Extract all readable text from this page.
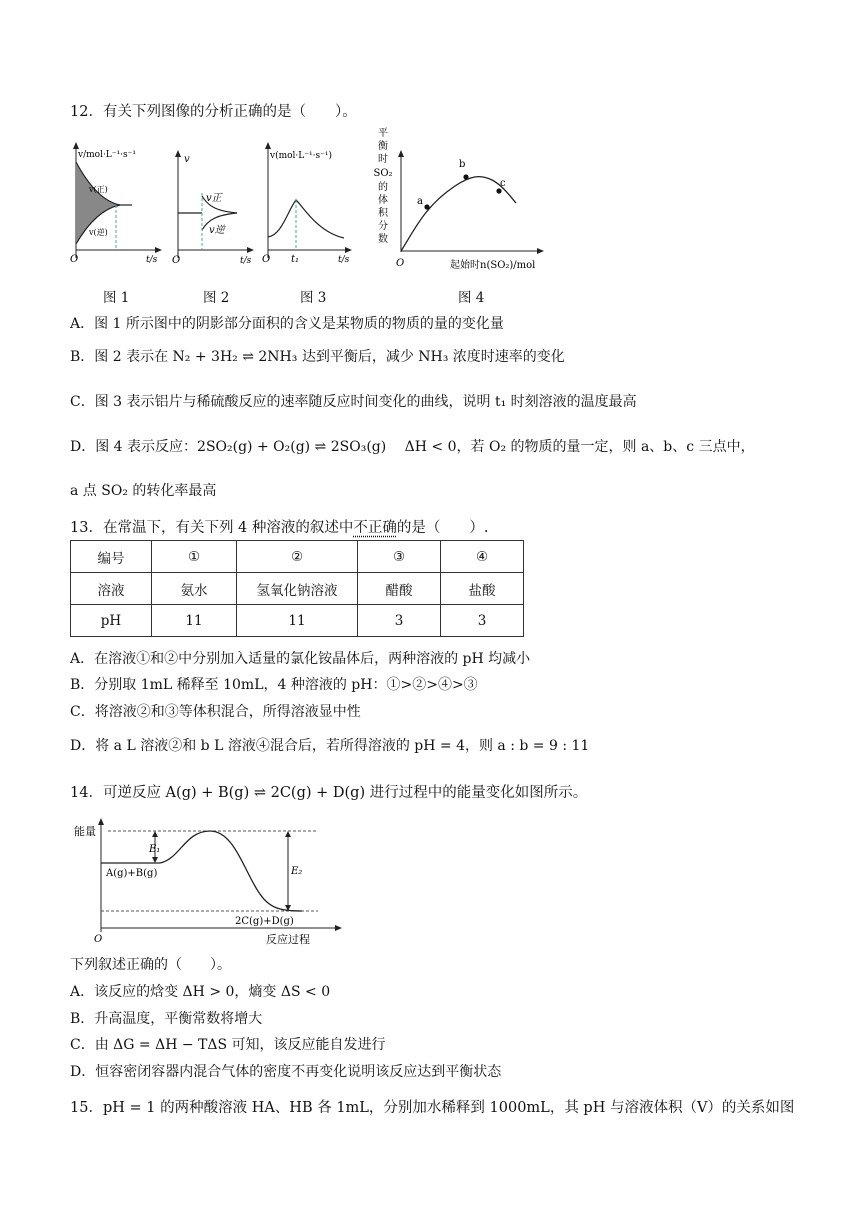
12．有关下列图像的分析正确的是（　　）。
v/mol·L⁻¹·s⁻¹
v(正)
v(逆)
O	t/s
v
v正
v逆
O	t/s
v(mol·L⁻¹·s⁻¹)
O t₁	t/s
平
衡
时
SO₂
的
体
积
分
数
a
b
c
O	起始时n(SO₂)/mol
图 1	图 2	图 3	图 4
A．图 1 所示图中的阴影部分面积的含义是某物质的物质的量的变化量
B．图 2 表示在 N₂ + 3H₂ ⇌ 2NH₃ 达到平衡后，减少 NH₃ 浓度时速率的变化
C．图 3 表示铝片与稀硫酸反应的速率随反应时间变化的曲线，说明 t₁ 时刻溶液的温度最高
D．图 4 表示反应：2SO₂(g) + O₂(g) ⇌ 2SO₃(g)　 ΔH < 0，若 O₂ 的物质的量一定，则 a、b、c 三点中，
a 点 SO₂ 的转化率最高
13．在常温下，有关下列 4 种溶液的叙述中不正确的是（　　）.
编号	①	②	③	④
溶液	氨水	氢氧化钠溶液	醋酸	盐酸
pH	11	11	3	3
A．在溶液①和②中分别加入适量的氯化铵晶体后，两种溶液的 pH 均减小
B．分别取 1mL 稀释至 10mL，4 种溶液的 pH：①>②>④>③
C．将溶液②和③等体积混合，所得溶液显中性
D．将 a L 溶液②和 b L 溶液④混合后，若所得溶液的 pH = 4，则 a : b = 9 : 11
14．可逆反应 A(g) + B(g) ⇌ 2C(g) + D(g) 进行过程中的能量变化如图所示。
能量
E₁
E₂
A(g)+B(g)
2C(g)+D(g)
O	反应过程
下列叙述正确的（　　）。
A．该反应的焓变 ΔH > 0，熵变 ΔS < 0
B．升高温度，平衡常数将增大
C．由 ΔG = ΔH − TΔS 可知，该反应能自发进行
D．恒容密闭容器内混合气体的密度不再变化说明该反应达到平衡状态
15．pH = 1 的两种酸溶液 HA、HB 各 1mL，分别加水稀释到 1000mL，其 pH 与溶液体积（V）的关系如图
